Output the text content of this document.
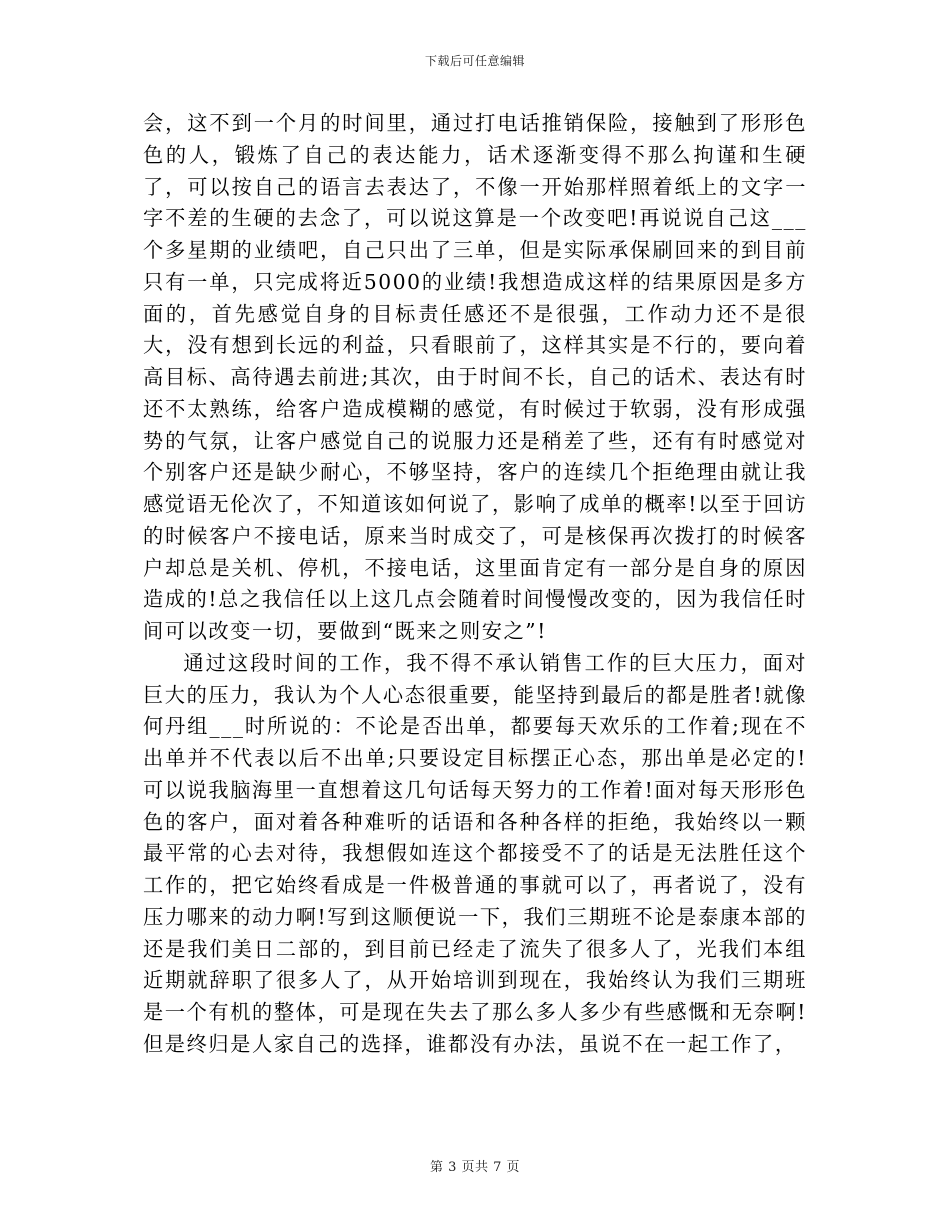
下载后可任意编辑

会，这不到一个月的时间里，通过打电话推销保险，接触到了形形色色的人，锻炼了自己的表达能力，话术逐渐变得不那么拘谨和生硬了，可以按自己的语言去表达了，不像一开始那样照着纸上的文字一字不差的生硬的去念了，可以说这算是一个改变吧!再说说自己这___个多星期的业绩吧，自己只出了三单，但是实际承保刷回来的到目前只有一单，只完成将近5000的业绩!我想造成这样的结果原因是多方面的，首先感觉自身的目标责任感还不是很强，工作动力还不是很大，没有想到长远的利益，只看眼前了，这样其实是不行的，要向着高目标、高待遇去前进;其次，由于时间不长，自己的话术、表达有时还不太熟练，给客户造成模糊的感觉，有时候过于软弱，没有形成强势的气氛，让客户感觉自己的说服力还是稍差了些，还有有时感觉对个别客户还是缺少耐心，不够坚持，客户的连续几个拒绝理由就让我感觉语无伦次了，不知道该如何说了，影响了成单的概率!以至于回访的时候客户不接电话，原来当时成交了，可是核保再次拨打的时候客户却总是关机、停机，不接电话，这里面肯定有一部分是自身的原因造成的!总之我信任以上这几点会随着时间慢慢改变的，因为我信任时间可以改变一切，要做到“既来之则安之”!

通过这段时间的工作，我不得不承认销售工作的巨大压力，面对巨大的压力，我认为个人心态很重要，能坚持到最后的都是胜者!就像何丹组___时所说的：不论是否出单，都要每天欢乐的工作着;现在不出单并不代表以后不出单;只要设定目标摆正心态，那出单是必定的!可以说我脑海里一直想着这几句话每天努力的工作着!面对每天形形色色的客户，面对着各种难听的话语和各种各样的拒绝，我始终以一颗最平常的心去对待，我想假如连这个都接受不了的话是无法胜任这个工作的，把它始终看成是一件极普通的事就可以了，再者说了，没有压力哪来的动力啊!写到这顺便说一下，我们三期班不论是泰康本部的还是我们美日二部的，到目前已经走了流失了很多人了，光我们本组近期就辞职了很多人了，从开始培训到现在，我始终认为我们三期班是一个有机的整体，可是现在失去了那么多人多少有些感慨和无奈啊!但是终归是人家自己的选择，谁都没有办法，虽说不在一起工作了，

第 3 页共 7 页
